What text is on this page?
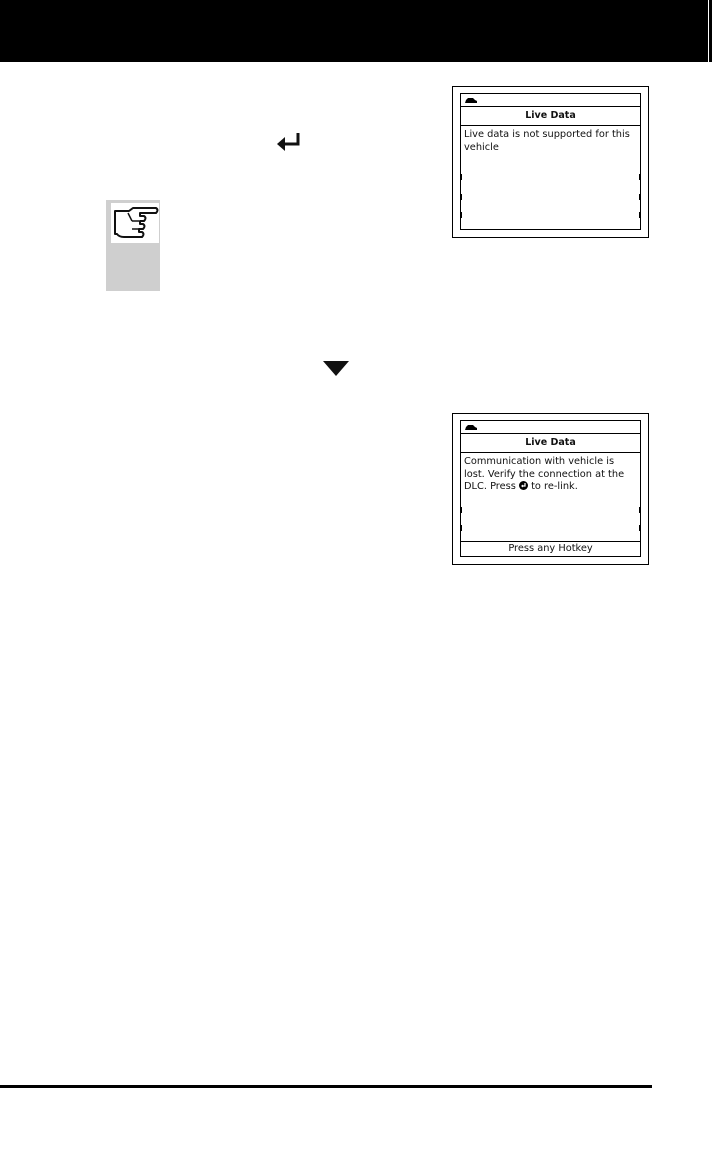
Live Data
Live data is not supported for this vehicle
Live Data
Communication with vehicle is lost. Verify the connection at the DLC. Press
to re-link.
Press any Hotkey
